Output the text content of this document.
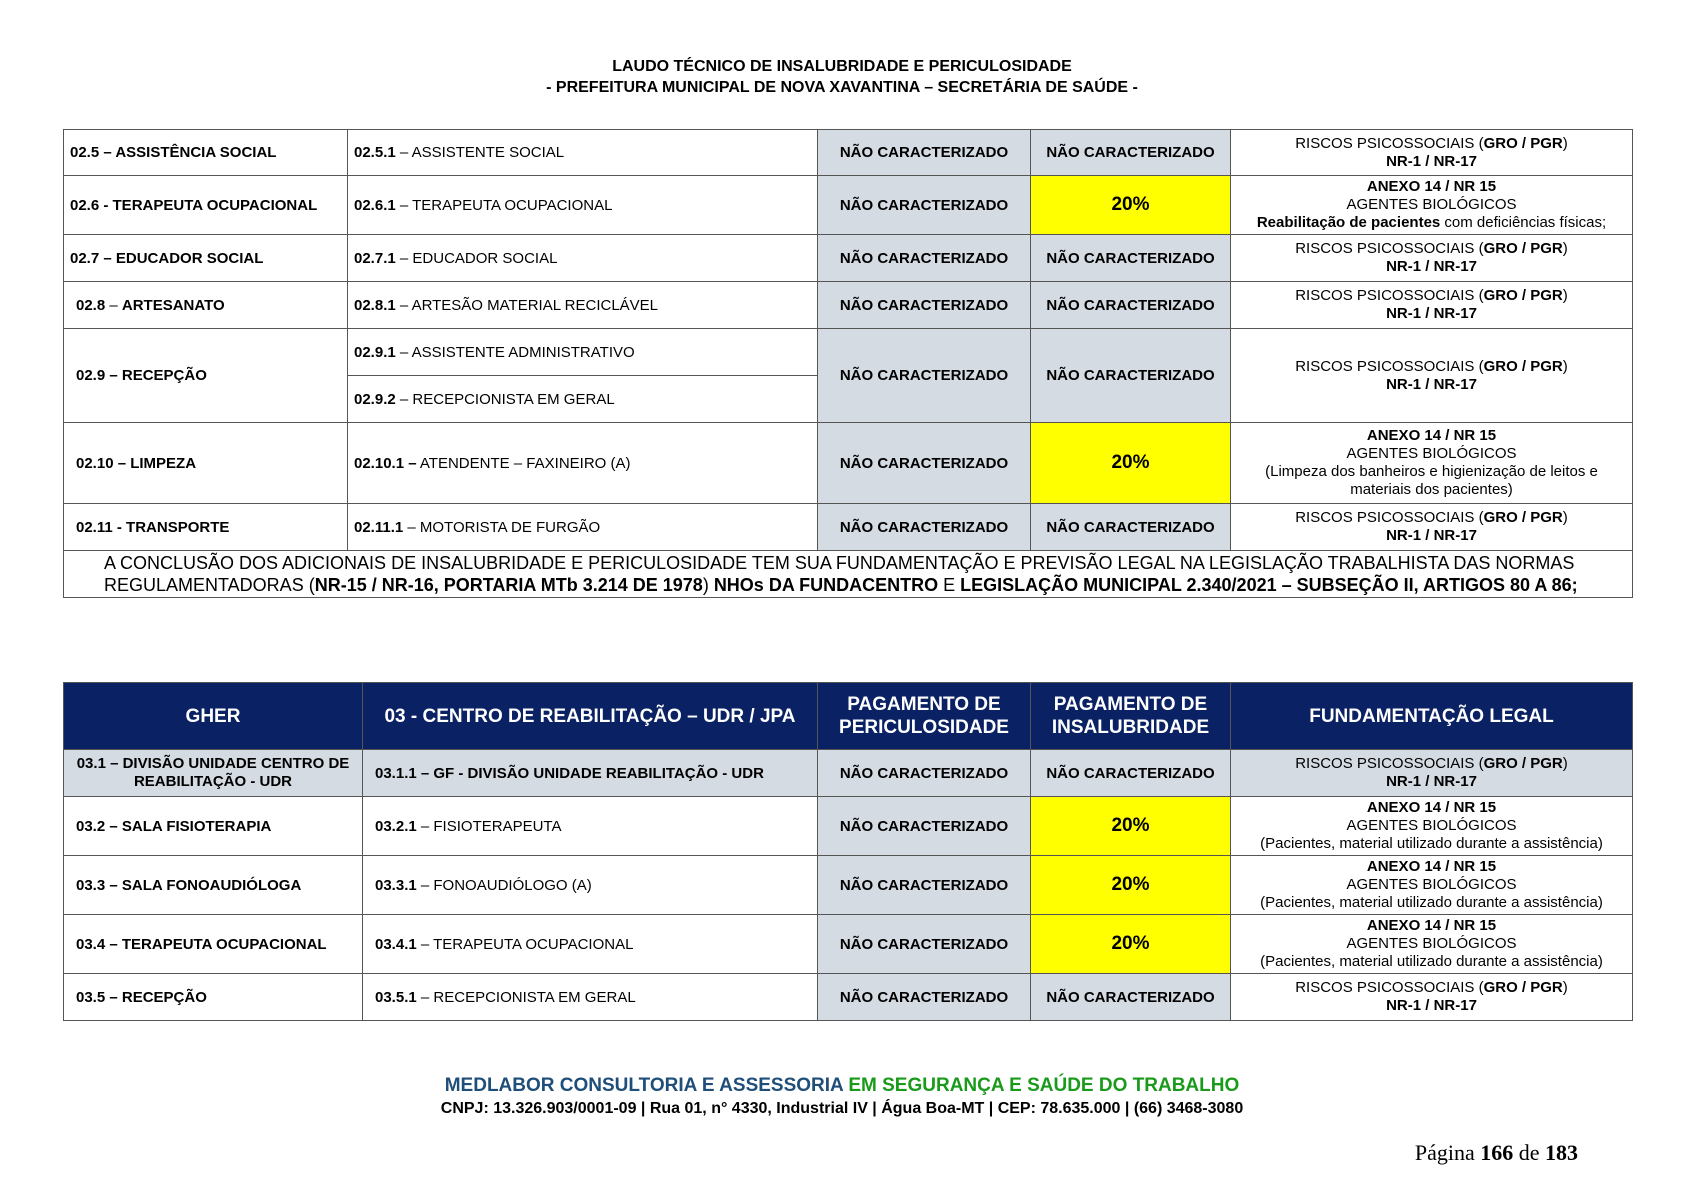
LAUDO TÉCNICO DE INSALUBRIDADE E PERICULOSIDADE
- PREFEITURA MUNICIPAL DE NOVA XAVANTINA – SECRETÁRIA DE SAÚDE -
02.5 – ASSISTÊNCIA SOCIAL	02.5.1 – ASSISTENTE SOCIAL	NÃO CARACTERIZADO	NÃO CARACTERIZADO	RISCOS PSICOSSOCIAIS (GRO / PGR)
NR-1 / NR-17
02.6 - TERAPEUTA OCUPACIONAL	02.6.1 – TERAPEUTA OCUPACIONAL	NÃO CARACTERIZADO	20%	ANEXO 14 / NR 15
AGENTES BIOLÓGICOS
Reabilitação de pacientes com deficiências físicas;
02.7 – EDUCADOR SOCIAL	02.7.1 – EDUCADOR SOCIAL	NÃO CARACTERIZADO	NÃO CARACTERIZADO	RISCOS PSICOSSOCIAIS (GRO / PGR)
NR-1 / NR-17
02.8 – ARTESANATO	02.8.1 – ARTESÃO MATERIAL RECICLÁVEL	NÃO CARACTERIZADO	NÃO CARACTERIZADO	RISCOS PSICOSSOCIAIS (GRO / PGR)
NR-1 / NR-17
02.9 – RECEPÇÃO	02.9.1 – ASSISTENTE ADMINISTRATIVO	NÃO CARACTERIZADO	NÃO CARACTERIZADO	RISCOS PSICOSSOCIAIS (GRO / PGR)
NR-1 / NR-17
	02.9.2 – RECEPCIONISTA EM GERAL			
02.10 – LIMPEZA	02.10.1 – ATENDENTE – FAXINEIRO (A)	NÃO CARACTERIZADO	20%	ANEXO 14 / NR 15
AGENTES BIOLÓGICOS
(Limpeza dos banheiros e higienização de leitos e materiais dos pacientes)
02.11 - TRANSPORTE	02.11.1 – MOTORISTA DE FURGÃO	NÃO CARACTERIZADO	NÃO CARACTERIZADO	RISCOS PSICOSSOCIAIS (GRO / PGR)
NR-1 / NR-17
A CONCLUSÃO DOS ADICIONAIS DE INSALUBRIDADE E PERICULOSIDADE TEM SUA FUNDAMENTAÇÃO E PREVISÃO LEGAL NA LEGISLAÇÃO TRABALHISTA DAS NORMAS REGULAMENTADORAS (NR-15 / NR-16, PORTARIA MTb 3.214 DE 1978) NHOs DA FUNDACENTRO E LEGISLAÇÃO MUNICIPAL 2.340/2021 – SUBSEÇÃO II, ARTIGOS 80 A 86;				
GHER	03 - CENTRO DE REABILITAÇÃO – UDR / JPA	PAGAMENTO DE PERICULOSIDADE	PAGAMENTO DE INSALUBRIDADE	FUNDAMENTAÇÃO LEGAL
03.1 – DIVISÃO UNIDADE CENTRO DE REABILITAÇÃO - UDR	03.1.1 – GF - DIVISÃO UNIDADE REABILITAÇÃO - UDR	NÃO CARACTERIZADO	NÃO CARACTERIZADO	RISCOS PSICOSSOCIAIS (GRO / PGR)
NR-1 / NR-17
03.2 – SALA FISIOTERAPIA	03.2.1 – FISIOTERAPEUTA	NÃO CARACTERIZADO	20%	ANEXO 14 / NR 15
AGENTES BIOLÓGICOS
(Pacientes, material utilizado durante a assistência)
03.3 – SALA FONOAUDIÓLOGA	03.3.1 – FONOAUDIÓLOGO (A)	NÃO CARACTERIZADO	20%	ANEXO 14 / NR 15
AGENTES BIOLÓGICOS
(Pacientes, material utilizado durante a assistência)
03.4 – TERAPEUTA OCUPACIONAL	03.4.1 – TERAPEUTA OCUPACIONAL	NÃO CARACTERIZADO	20%	ANEXO 14 / NR 15
AGENTES BIOLÓGICOS
(Pacientes, material utilizado durante a assistência)
03.5 – RECEPÇÃO	03.5.1 – RECEPCIONISTA EM GERAL	NÃO CARACTERIZADO	NÃO CARACTERIZADO	RISCOS PSICOSSOCIAIS (GRO / PGR)
NR-1 / NR-17
MEDLABOR CONSULTORIA E ASSESSORIA EM SEGURANÇA E SAÚDE DO TRABALHO
CNPJ: 13.326.903/0001-09 | Rua 01, n° 4330, Industrial IV | Água Boa-MT | CEP: 78.635.000 | (66) 3468-3080
Página 166 de 183
